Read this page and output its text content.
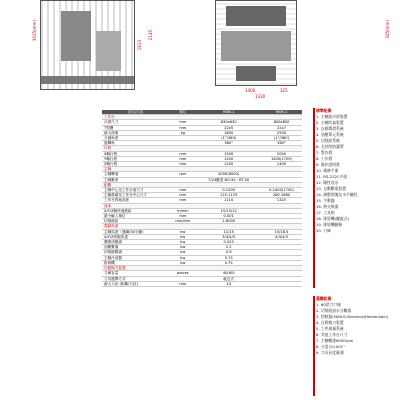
3015(mm)
1613
2145
1400	325
1330
325(mm)
項目/內容	單位	HBM-1	HBM-2
工作台			
台面尺寸	mm	630x630	800x800
T型槽	mm	22x5	22x7
最大荷重	kg	1800	2500
分割角度		(1°/360)	(1°/360)
旋轉角		360°	360°
行程			
X軸行程	mm	1500	2000
Y軸行程	mm	1200	1400(1700)
Z軸行程	mm	1200	1400
主軸			
主軸轉速	rpm	4000(6000)	
主軸錐度		7/24錐度 NO.50・BT-50	
距離			
主軸中心至工作台面尺寸	mm	0-1200	0-1400(1700)
主軸鼻端至工作台中心尺寸	mm	125-1125	260-1660
工作台對地高度	mm	1110	1325
速率			
X/Y/Z軸快速進給	m/min	15/15/12	
最小輸入單位	mm	0.001	
切削進給	mm/min	1-6000	
電動馬達			
主軸馬達（連續/30分鐘）	kw	11/15	15/18.5
X/Y/Z伺服馬達	kw	3/3/4/3	4/4/4/3
潤滑油幫浦	kw	0.025	
油壓幫浦	kw	2.2	
切削液幫浦	kw	0.9	
主軸冷卻器	kw	0.75	
排屑機	kw	0.75	
自動換刀裝置			
刀庫容量	pieces	40(60)	
刀具選擇方式		就近式	
最大刀徑 (相鄰/刀徑)	mm	14	
標準配備：
1. 主軸油冷卻裝置
2. 主軸吹氣裝置
3. 自動潤滑系統
4. 油壓單元系統
5. 切削液系統
6. 全封閉防護罩
7. 警告燈
8. 工作燈
9. 操作說明書
10. 維修手冊
11. RS-232C介面
12. 剛性攻牙
13. 自動斷電裝置
14. 調整墊塊及水平螺栓
15. 手動盤
16. 熱交換器
17. 工具箱
18. 排屑機(螺旋式)
19. 排屑機鏈條
20. 刀庫
選購配備：
1. 60把刀刀庫
2. 切削液油水分離器
3. 控制器(FANUC/Siemens/Heidenhain)
4. 自動換刀裝置
5. 工件測量系統
6. 其他工作台尺寸
7. 主軸轉速6000rpm
8. 分度台0.001°
9. 刀具長度量測
